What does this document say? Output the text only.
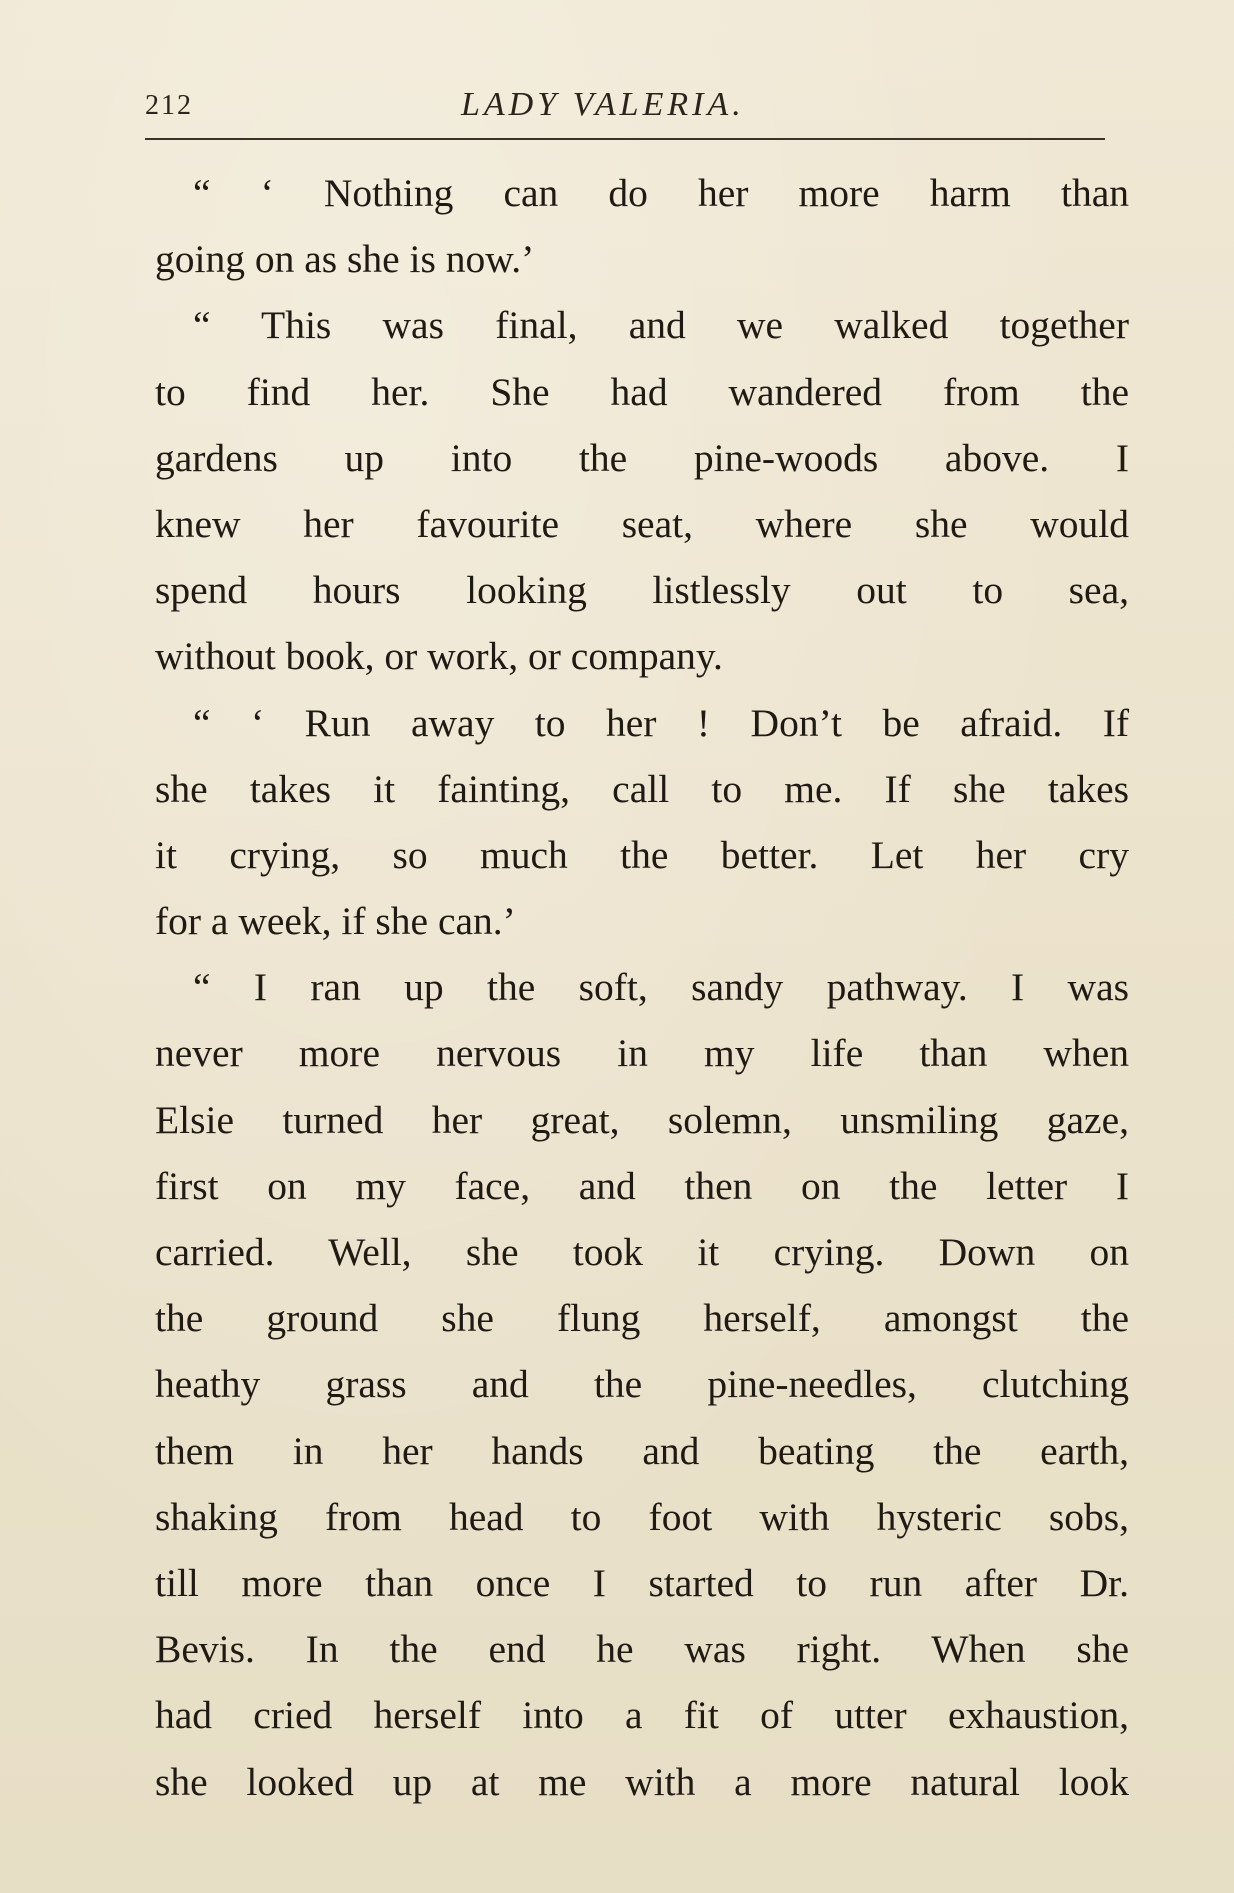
212	LADY VALERIA.
“ ‘ Nothing can do her more harm than
going on as she is now.’
“ This was final, and we walked together
to find her. She had wandered from the
gardens up into the pine-woods above. I
knew her favourite seat, where she would
spend hours looking listlessly out to sea,
without book, or work, or company.
“ ‘ Run away to her ! Don’t be afraid. If
she takes it fainting, call to me. If she takes
it crying, so much the better. Let her cry
for a week, if she can.’
“ I ran up the soft, sandy pathway. I was
never more nervous in my life than when
Elsie turned her great, solemn, unsmiling gaze,
first on my face, and then on the letter I
carried. Well, she took it crying. Down on
the ground she flung herself, amongst the
heathy grass and the pine-needles, clutching
them in her hands and beating the earth,
shaking from head to foot with hysteric sobs,
till more than once I started to run after Dr.
Bevis. In the end he was right. When she
had cried herself into a fit of utter exhaustion,
she looked up at me with a more natural look
